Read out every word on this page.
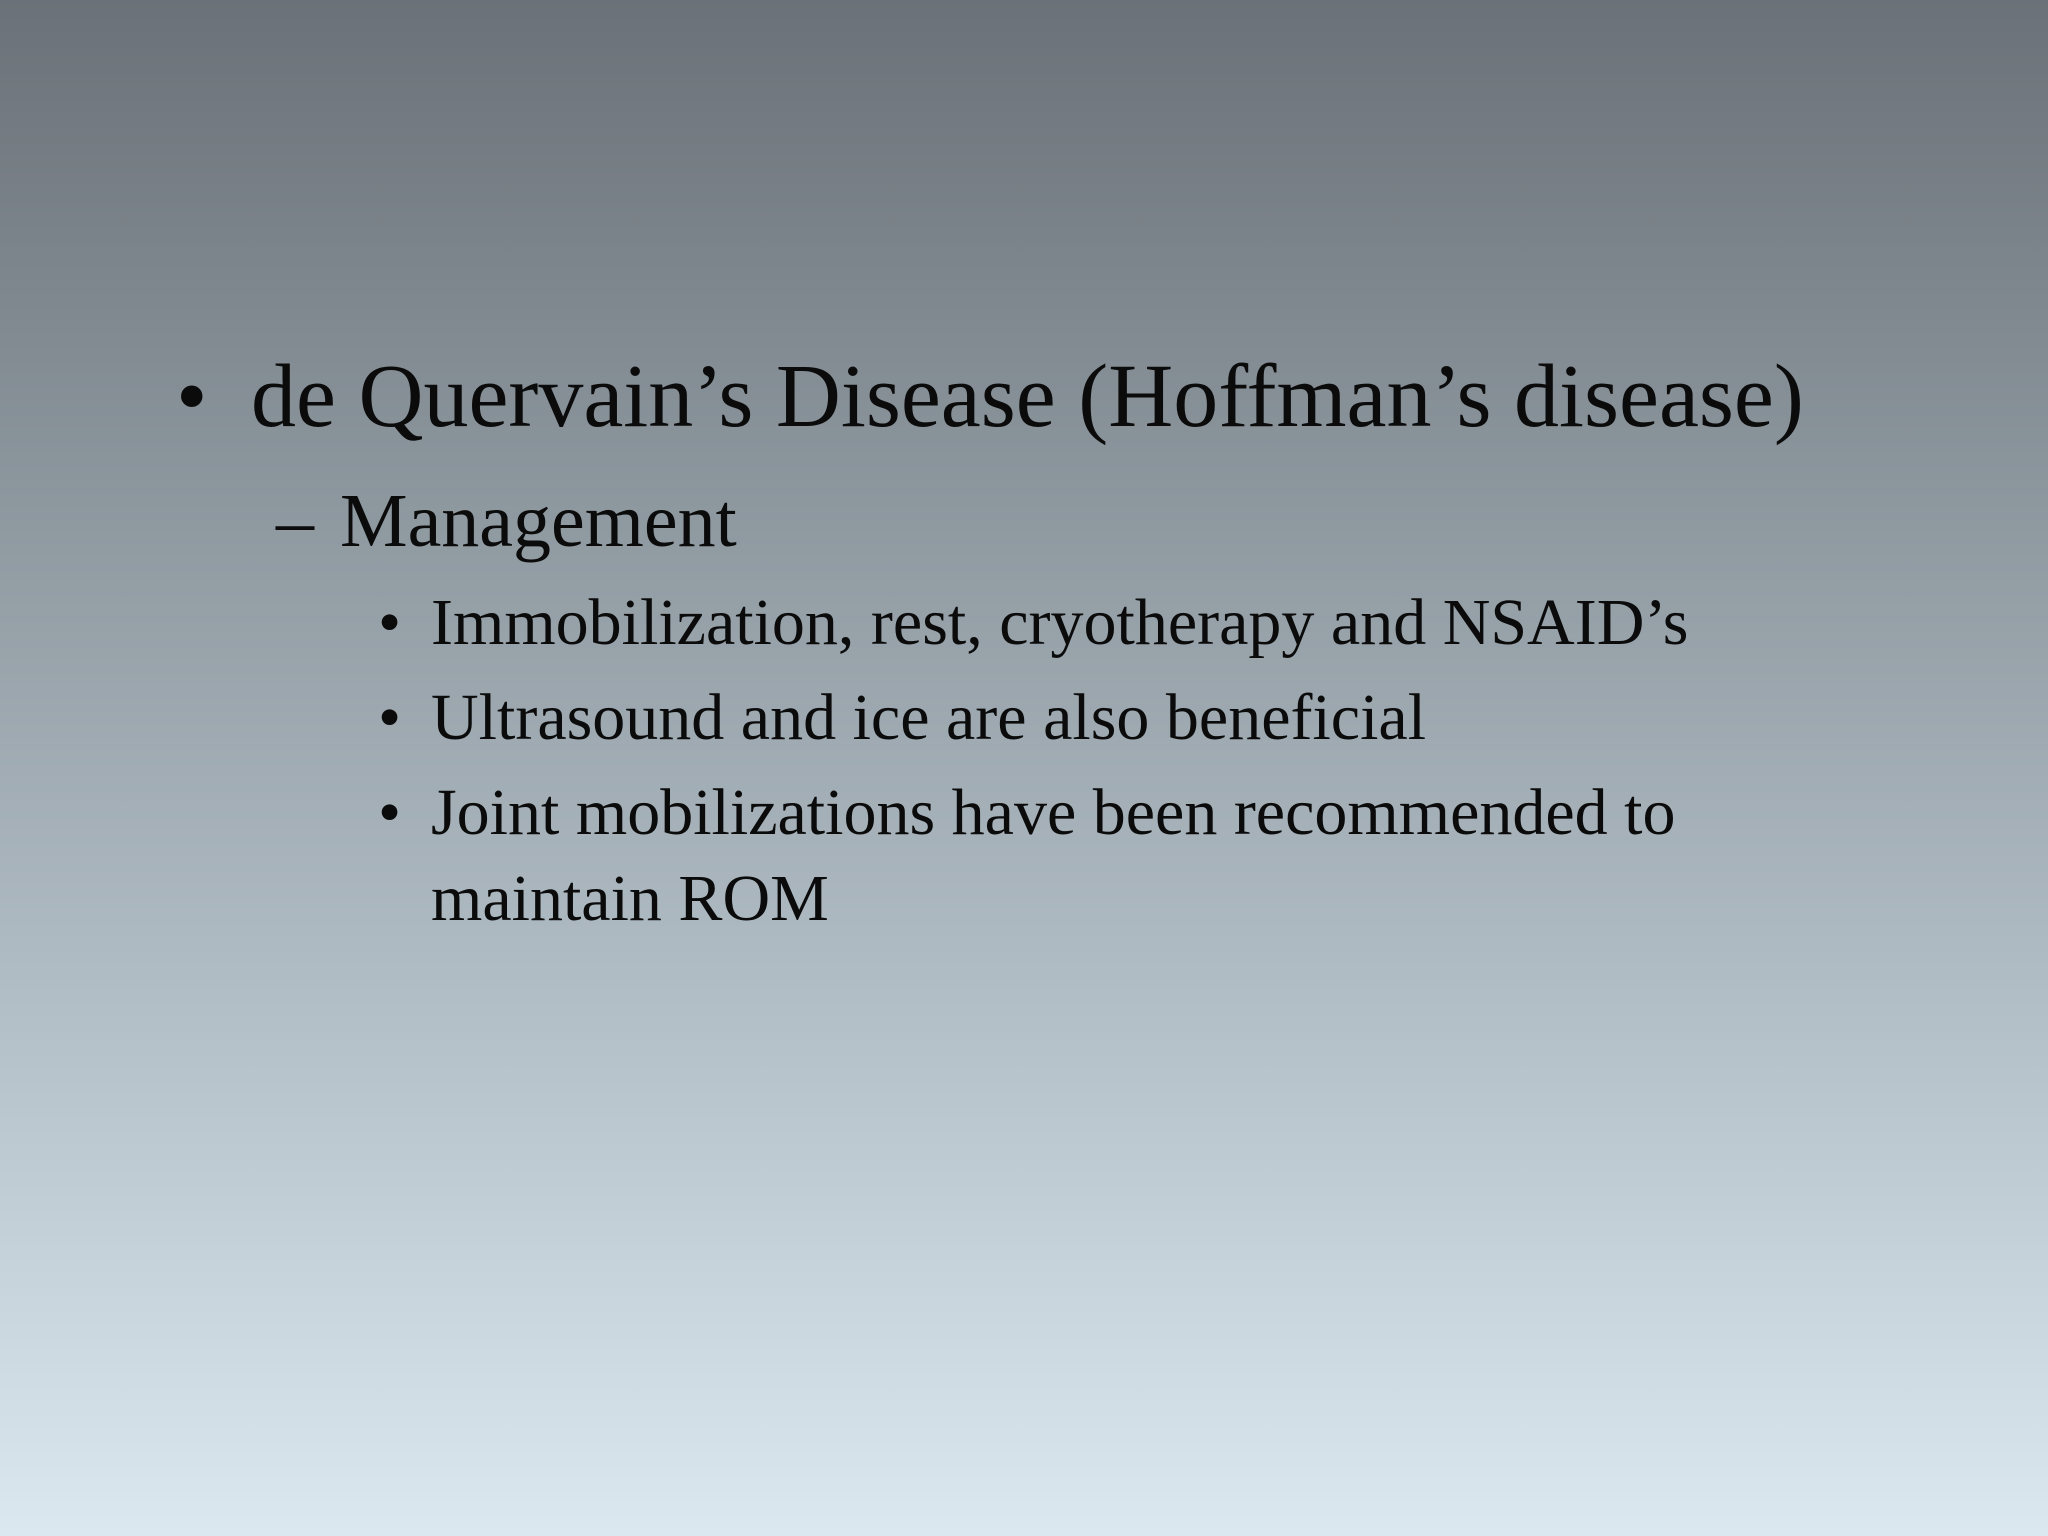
• de Quervain’s Disease (Hoffman’s disease)
– Management
• Immobilization, rest, cryotherapy and NSAID’s
• Ultrasound and ice are also beneficial
• Joint mobilizations have been recommended to maintain ROM
